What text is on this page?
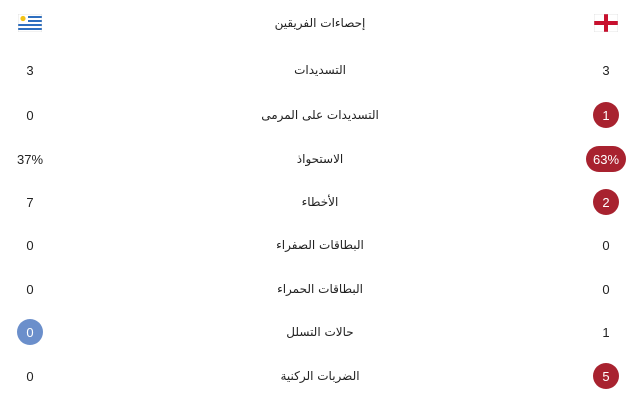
إحصاءات الفريقين
3	التسديدات	3
0	التسديدات على المرمى	1
37%	الاستحواذ	63%
7	الأخطاء	2
0	البطاقات الصفراء	0
0	البطاقات الحمراء	0
0	حالات التسلل	1
0	الضربات الركنية	5
